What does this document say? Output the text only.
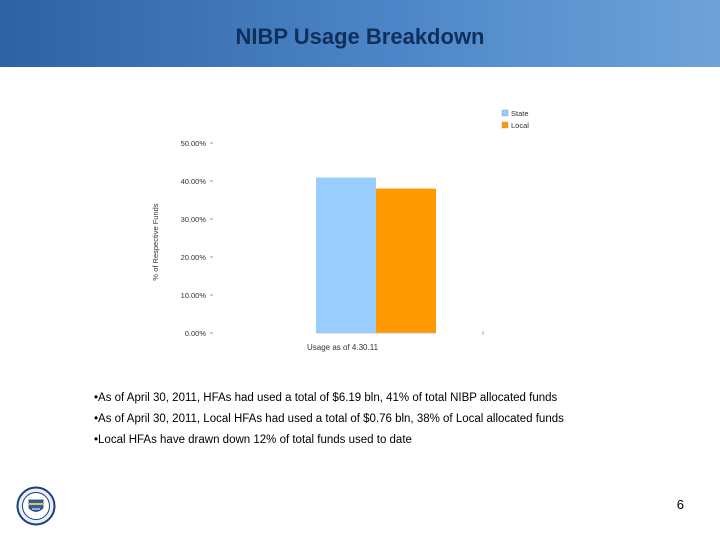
NIBP Usage Breakdown
50.00%
40.00%
30.00%
20.00%
10.00%
0.00%
% of Respective Funds
Usage as of 4.30.11
State
Local
•As of April 30, 2011, HFAs had used a total of $6.19 bln, 41% of total NIBP allocated funds
•As of April 30, 2011, Local HFAs had used a total of $0.76 bln, 38% of Local allocated funds
•Local HFAs have drawn down 12% of total funds used to date
6
